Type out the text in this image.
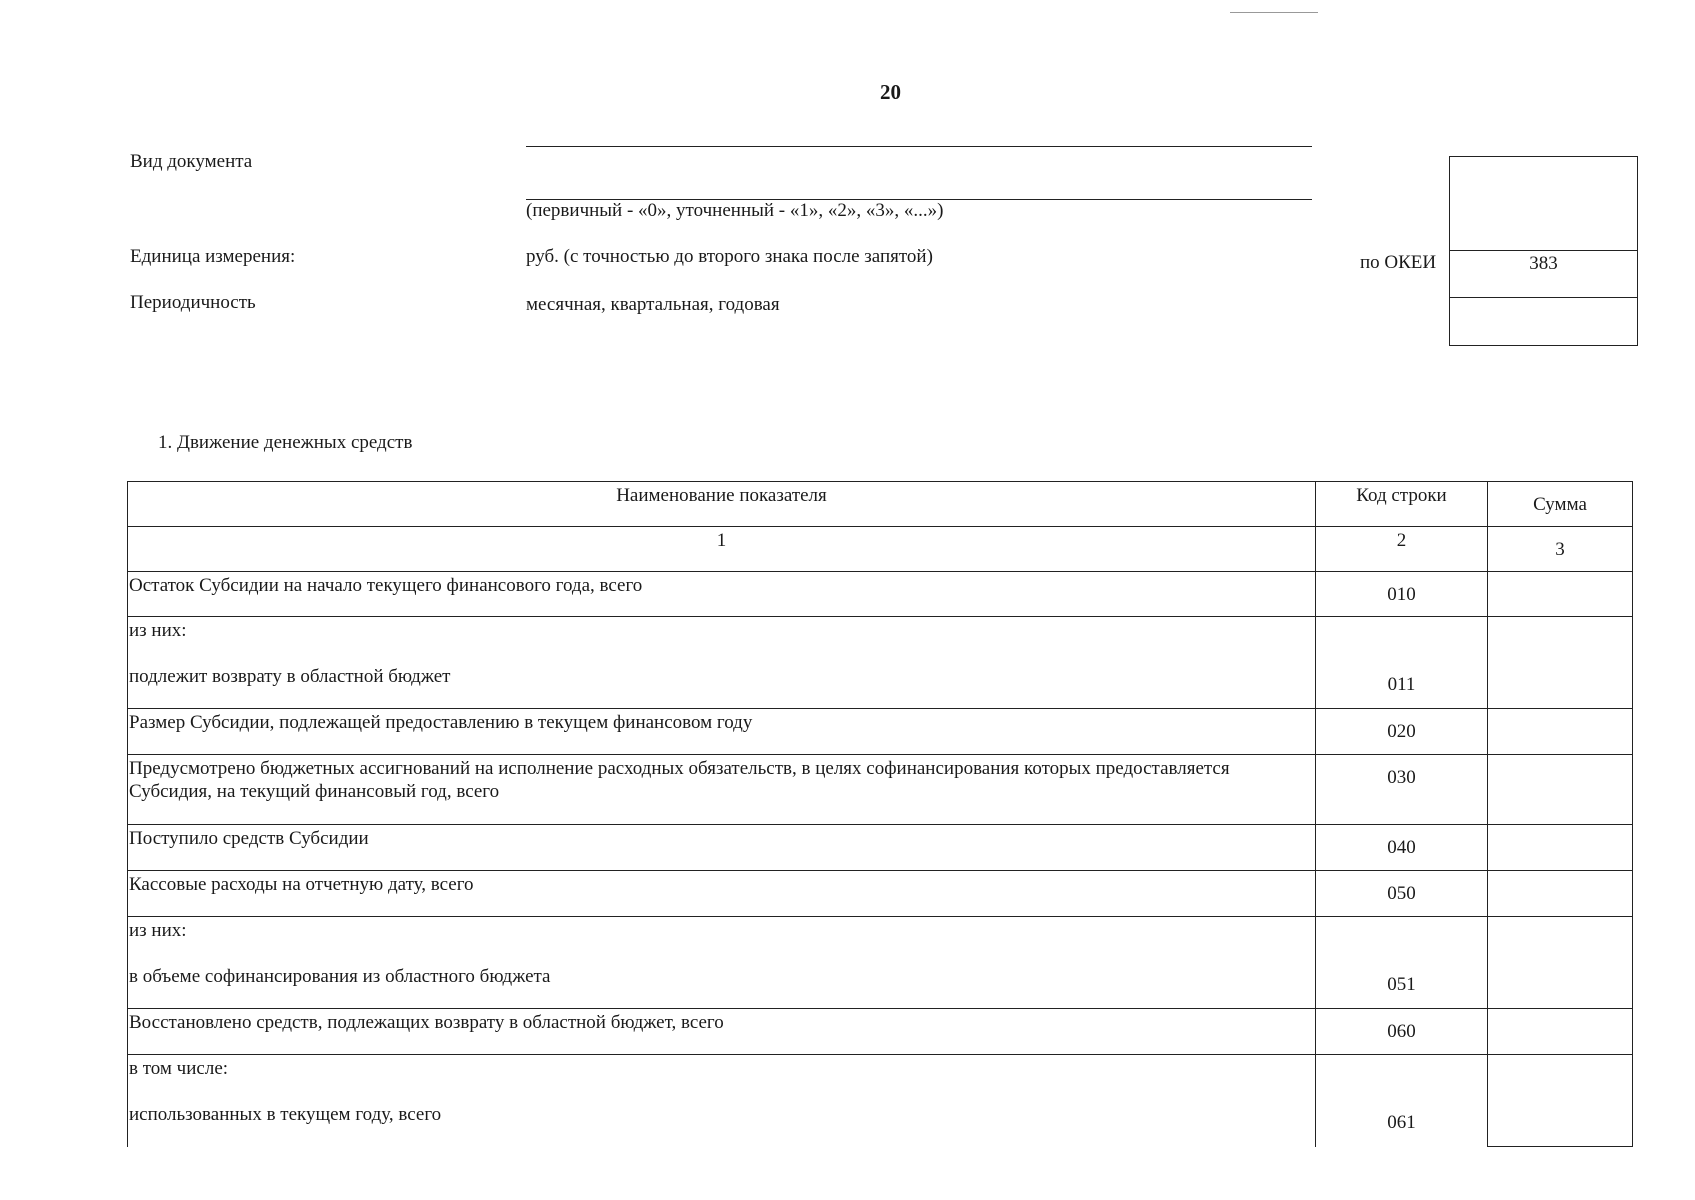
20
Вид документа
(первичный - «0», уточненный - «1», «2», «3», «...»)
Единица измерения:	руб. (с точностью до второго знака после запятой)	по ОКЕИ
Периодичность	месячная, квартальная, годовая
383
1. Движение денежных средств
Наименование показателя	Код строки	Сумма
1	2	3
Остаток Субсидии на начало текущего финансового года, всего	010	

из них:
подлежит возврату в областной бюджет	011	
Размер Субсидии, подлежащей предоставлению в текущем финансовом году	020	
Предусмотрено бюджетных ассигнований на исполнение расходных обязательств, в целях софинансирования которых предоставляется Субсидия, на текущий финансовый год, всего	030	
Поступило средств Субсидии	040	
Кассовые расходы на отчетную дату, всего	050	

из них:
в объеме софинансирования из областного бюджета	051	
Восстановлено средств, подлежащих возврату в областной бюджет, всего	060	

в том числе:
использованных в текущем году, всего	061	
